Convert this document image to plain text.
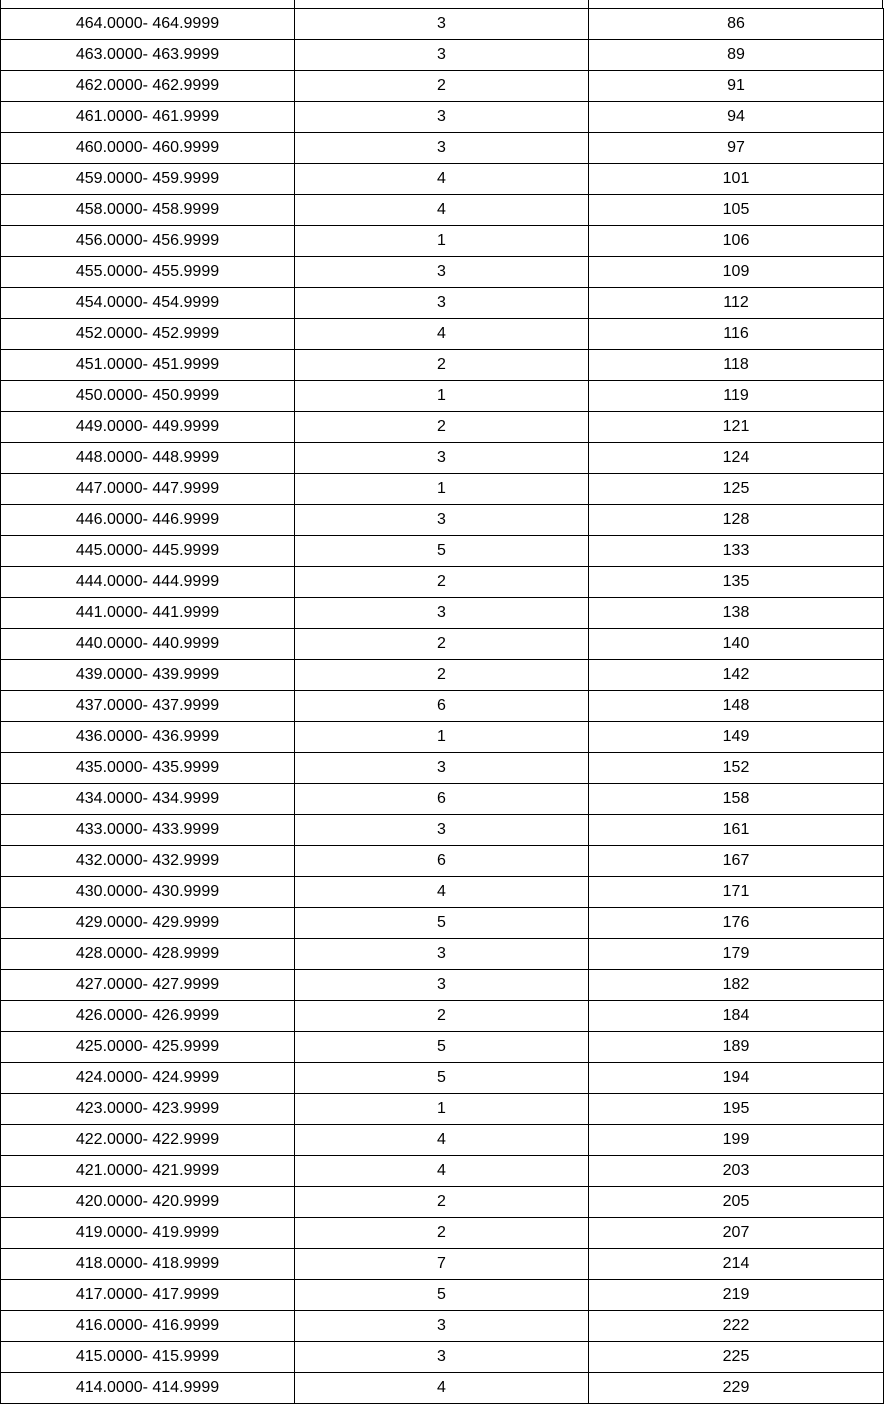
464.0000- 464.9999	3	86
463.0000- 463.9999	3	89
462.0000- 462.9999	2	91
461.0000- 461.9999	3	94
460.0000- 460.9999	3	97
459.0000- 459.9999	4	101
458.0000- 458.9999	4	105
456.0000- 456.9999	1	106
455.0000- 455.9999	3	109
454.0000- 454.9999	3	112
452.0000- 452.9999	4	116
451.0000- 451.9999	2	118
450.0000- 450.9999	1	119
449.0000- 449.9999	2	121
448.0000- 448.9999	3	124
447.0000- 447.9999	1	125
446.0000- 446.9999	3	128
445.0000- 445.9999	5	133
444.0000- 444.9999	2	135
441.0000- 441.9999	3	138
440.0000- 440.9999	2	140
439.0000- 439.9999	2	142
437.0000- 437.9999	6	148
436.0000- 436.9999	1	149
435.0000- 435.9999	3	152
434.0000- 434.9999	6	158
433.0000- 433.9999	3	161
432.0000- 432.9999	6	167
430.0000- 430.9999	4	171
429.0000- 429.9999	5	176
428.0000- 428.9999	3	179
427.0000- 427.9999	3	182
426.0000- 426.9999	2	184
425.0000- 425.9999	5	189
424.0000- 424.9999	5	194
423.0000- 423.9999	1	195
422.0000- 422.9999	4	199
421.0000- 421.9999	4	203
420.0000- 420.9999	2	205
419.0000- 419.9999	2	207
418.0000- 418.9999	7	214
417.0000- 417.9999	5	219
416.0000- 416.9999	3	222
415.0000- 415.9999	3	225
414.0000- 414.9999	4	229
